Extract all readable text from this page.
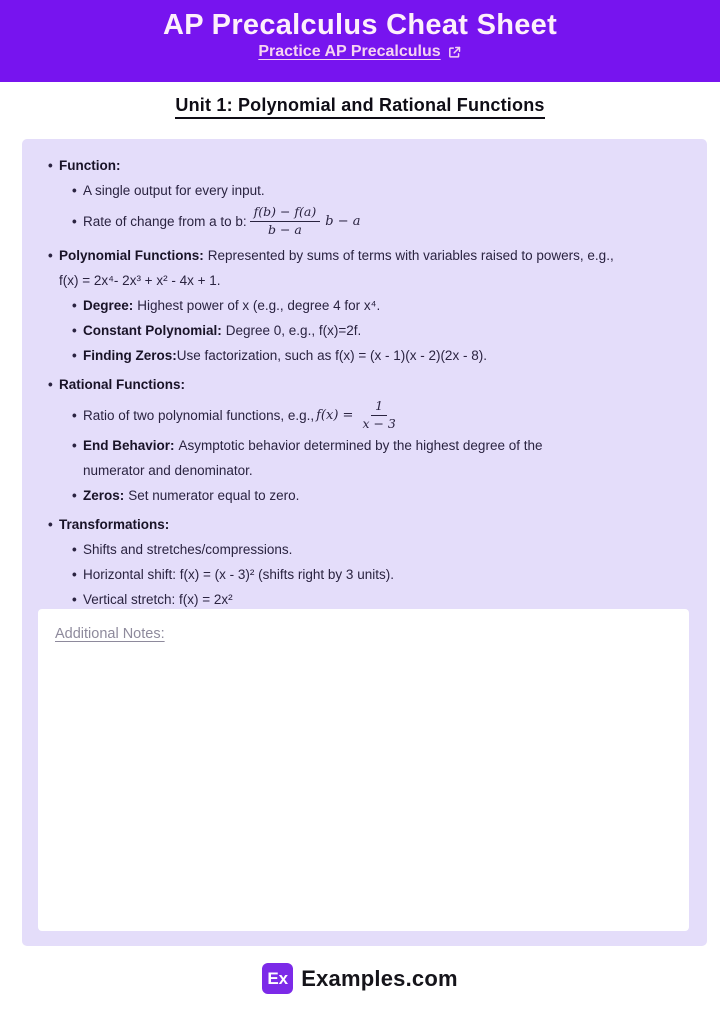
AP Precalculus Cheat Sheet
Practice AP Precalculus
Unit 1: Polynomial and Rational Functions
•
Function:
•
A single output for every input.
•
Rate of change from a to b: $\frac{f(b) - f(a)}{b - a}$ b − a
•
Polynomial Functions: Represented by sums of terms with variables raised to powers, e.g.,
f(x) = 2x⁴- 2x³ + x² - 4x + 1.
•
Degree: Highest power of x (e.g., degree 4 for x⁴.
•
Constant Polynomial: Degree 0, e.g., f(x)=2f.
•
Finding Zeros:Use factorization, such as f(x) = (x - 1)(x - 2)(2x - 8).
•
Rational Functions:
•
Ratio of two polynomial functions, e.g., $f(x) = \frac{1}{x - 3}$
•
End Behavior: Asymptotic behavior determined by the highest degree of the
numerator and denominator.
•
Zeros: Set numerator equal to zero.
•
Transformations:
•
Shifts and stretches/compressions.
•
Horizontal shift: f(x) = (x - 3)² (shifts right by 3 units).
•
Vertical stretch: f(x) = 2x²
Additional Notes:
Ex Examples.com
